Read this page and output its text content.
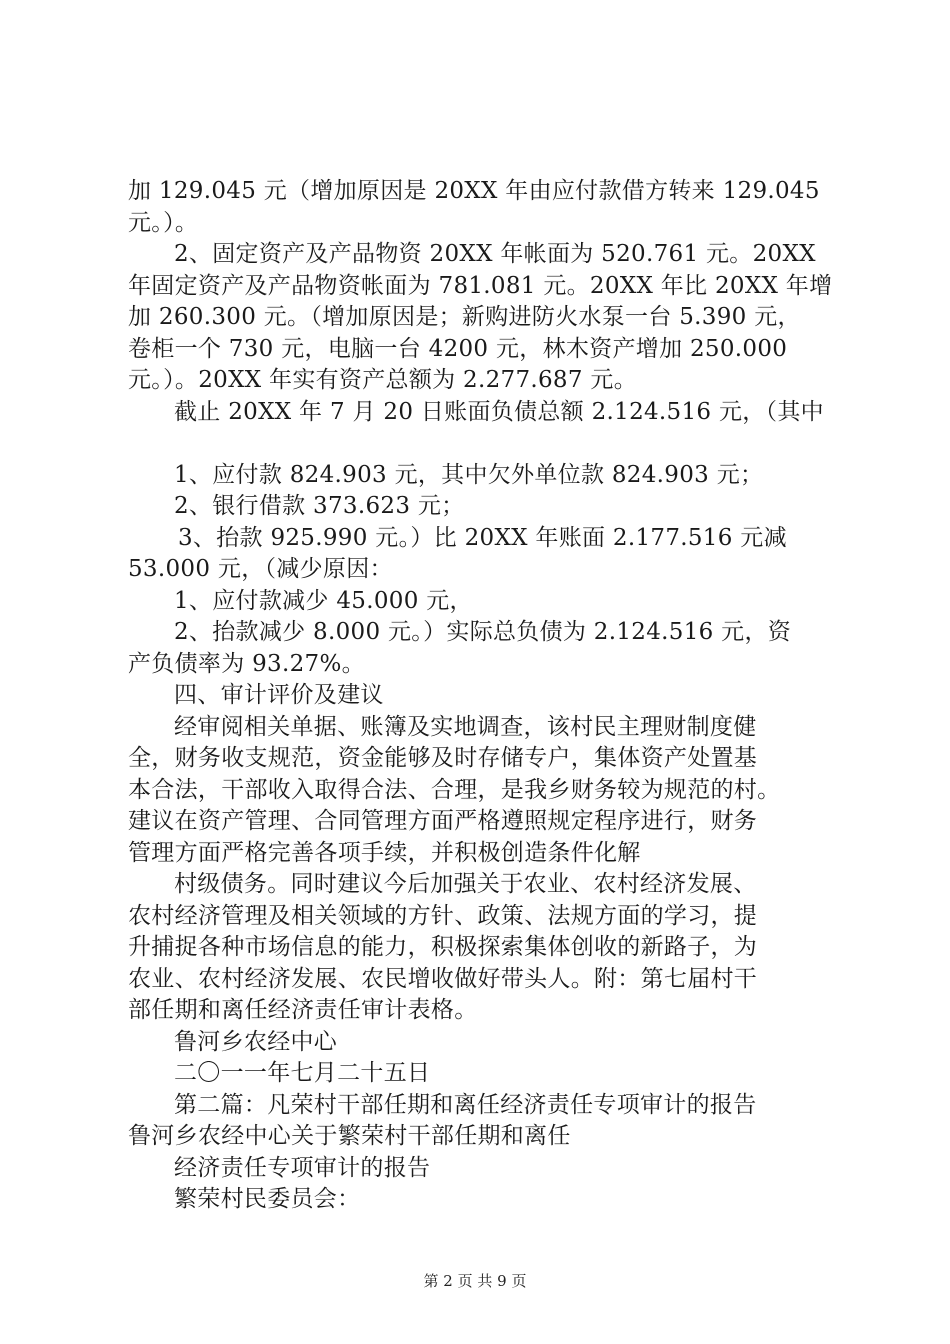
加 129.045 元（增加原因是 20XX 年由应付款借方转来 129.045
元。）。
2、固定资产及产品物资 20XX 年帐面为 520.761 元。20XX
年固定资产及产品物资帐面为 781.081 元。20XX 年比 20XX 年增
加 260.300 元。（增加原因是；新购进防火水泵一台 5.390 元，
卷柜一个 730 元，电脑一台 4200 元，林木资产增加 250.000
元。）。20XX 年实有资产总额为 2.277.687 元。
截止 20XX 年 7 月 20 日账面负债总额 2.124.516 元，（其中
1、应付款 824.903 元，其中欠外单位款 824.903 元；
2、银行借款 373.623 元；
3、抬款 925.990 元。）比 20XX 年账面 2.177.516 元减
53.000 元，（减少原因：
1、应付款减少 45.000 元，
2、抬款减少 8.000 元。）实际总负债为 2.124.516 元，资
产负债率为 93.27%。
四、审计评价及建议
经审阅相关单据、账簿及实地调查，该村民主理财制度健
全，财务收支规范，资金能够及时存储专户，集体资产处置基
本合法，干部收入取得合法、合理，是我乡财务较为规范的村。
建议在资产管理、合同管理方面严格遵照规定程序进行，财务
管理方面严格完善各项手续，并积极创造条件化解
村级债务。同时建议今后加强关于农业、农村经济发展、
农村经济管理及相关领域的方针、政策、法规方面的学习，提
升捕捉各种市场信息的能力，积极探索集体创收的新路子，为
农业、农村经济发展、农民增收做好带头人。附：第七届村干
部任期和离任经济责任审计表格。
鲁河乡农经中心
二〇一一年七月二十五日
第二篇：凡荣村干部任期和离任经济责任专项审计的报告
鲁河乡农经中心关于繁荣村干部任期和离任
经济责任专项审计的报告
繁荣村民委员会：
第 2 页 共 9 页
